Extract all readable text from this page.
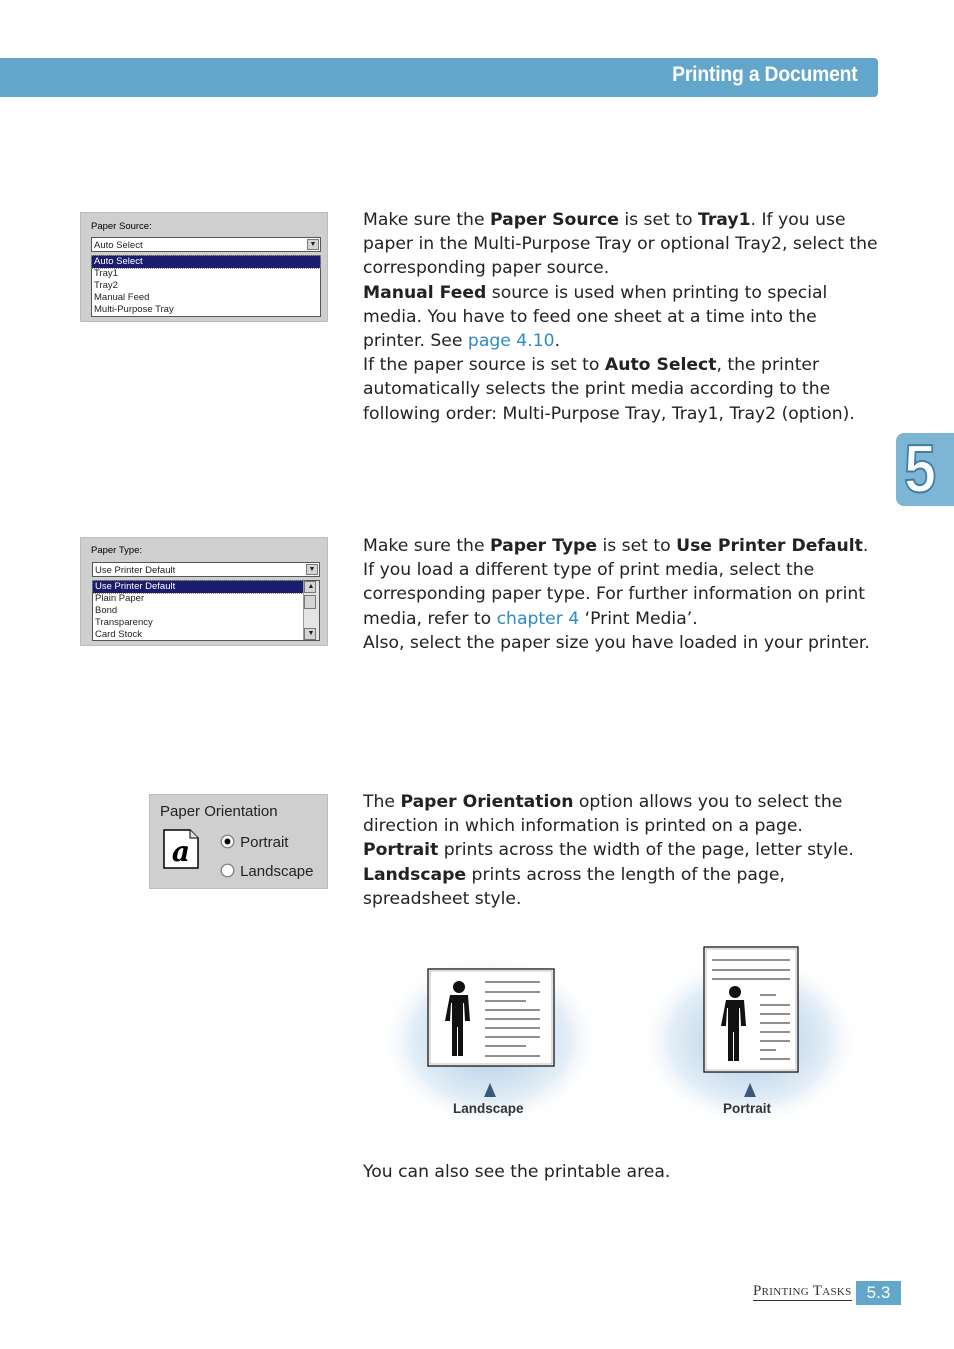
Printing a Document
5
Paper Source:
Auto Select	▼
Auto Select
Tray1
Tray2
Manual Feed
Multi-Purpose Tray
Make sure the Paper Source is set to Tray1. If you use paper in the Multi-Purpose Tray or optional Tray2, select the corresponding paper source.
Manual Feed source is used when printing to special media. You have to feed one sheet at a time into the printer. See page 4.10.
If the paper source is set to Auto Select, the printer automatically selects the print media according to the following order: Multi-Purpose Tray, Tray1, Tray2 (option).
Paper Type:
Use Printer Default	▼
Use Printer Default
Plain Paper
Bond
Transparency
Card Stock
▲
▼
Make sure the Paper Type is set to Use Printer Default.
If you load a different type of print media, select the corresponding paper type. For further information on print media, refer to chapter 4 ‘Print Media’.
Also, select the paper size you have loaded in your printer.
Paper Orientation
a	Portrait
Landscape
The Paper Orientation option allows you to select the direction in which information is printed on a page. Portrait prints across the width of the page, letter style. Landscape prints across the length of the page, spreadsheet style.
Landscape	Portrait
You can also see the printable area.
Printing Tasks 5.3
